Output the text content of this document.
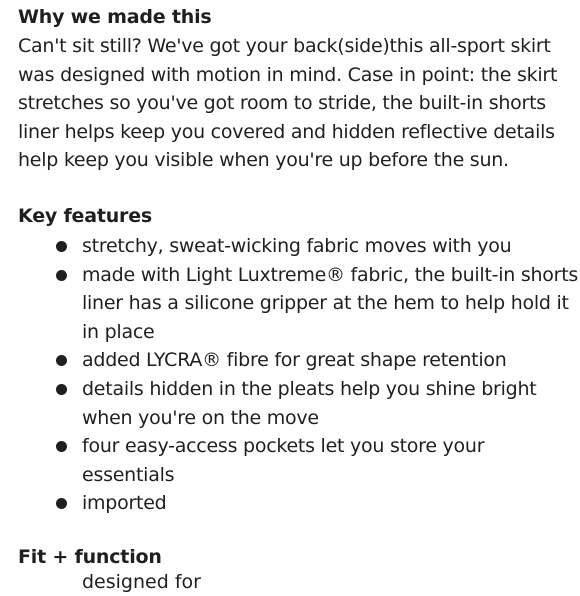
Why we made this

Can't sit still? We've got your back(side)this all-sport skirt
was designed with motion in mind. Case in point: the skirt
stretches so you've got room to stride, the built-in shorts
liner helps keep you covered and hidden reflective details
help keep you visible when you're up before the sun.

Key features
stretchy, sweat-wicking fabric moves with you
made with Light Luxtreme® fabric, the built-in shorts
liner has a silicone gripper at the hem to help hold it
in place
added LYCRA® fibre for great shape retention
details hidden in the pleats help you shine bright
when you're on the move
four easy-access pockets let you store your
essentials
imported
Fit + function

designed for
